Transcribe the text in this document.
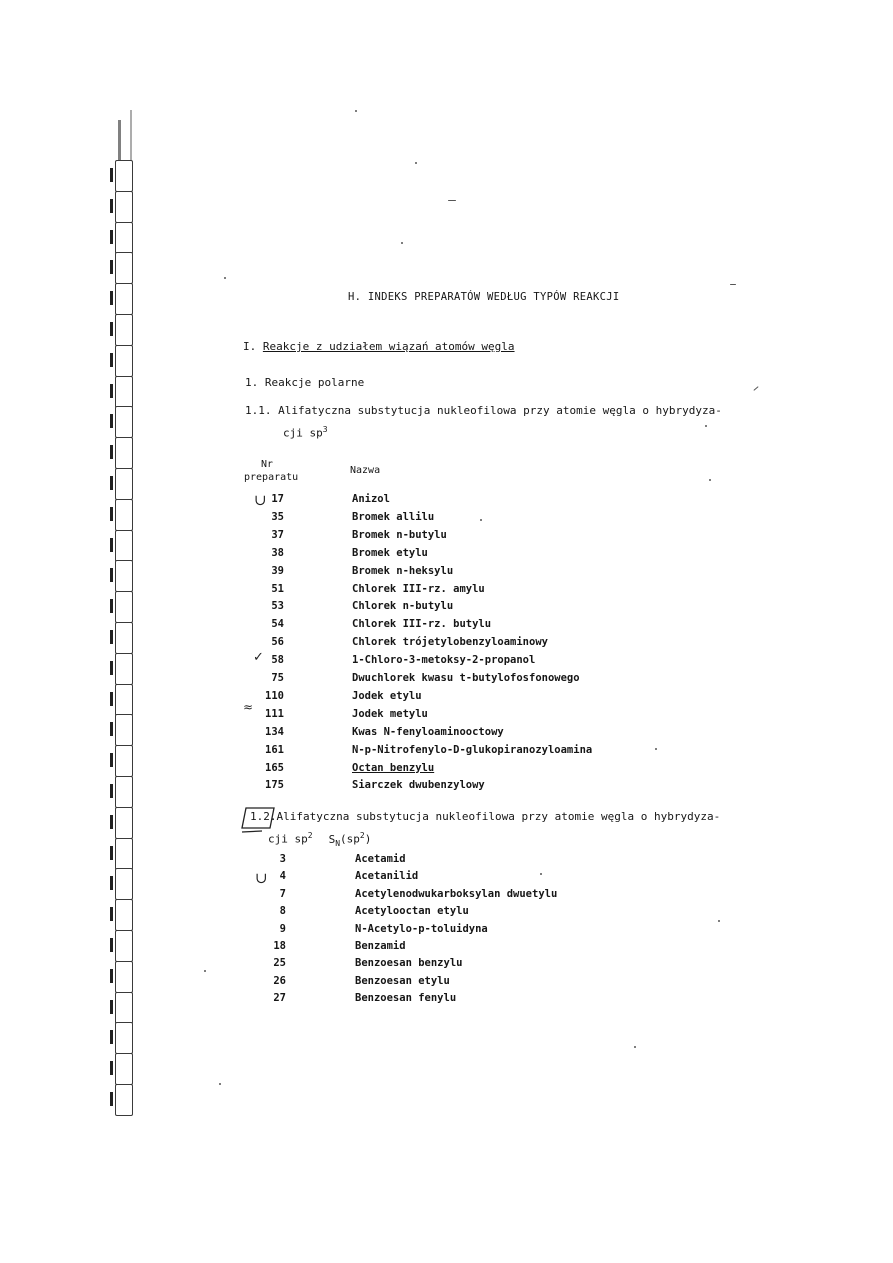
H. INDEKS PREPARATÓW WEDŁUG TYPÓW REAKCJI
I. Reakcje z udziałem wiązań atomów węgla
1. Reakcje polarne
1.1. Alifatyczna substytucja nukleofilowa przy atomie węgla o hybrydyza-
cji $sp^3$
Nr
preparatu
Nazwa
17	Anizol
35	Bromek allilu
37	Bromek n-butylu
38	Bromek etylu
39	Bromek n-heksylu
51	Chlorek III-rz. amylu
53	Chlorek n-butylu
54	Chlorek III-rz. butylu
56	Chlorek trójetylobenzyloaminowy
58	1-Chloro-3-metoksy-2-propanol
75	Dwuchlorek kwasu t-butylofosfonowego
110	Jodek etylu
111	Jodek metylu
134	Kwas N-fenyloaminooctowy
161	N-p-Nitrofenylo-D-glukopiranozyloamina
165	Octan benzylu
175	Siarczek dwubenzylowy
1.2.Alifatyczna substytucja nukleofilowa przy atomie węgla o hybrydyza-
cji $sp^2$ $S_N(sp^2)$
3	Acetamid
4	Acetanilid
7	Acetylenodwukarboksylan dwuetylu
8	Acetylooctan etylu
9	N-Acetylo-p-toluidyna
18	Benzamid
25	Benzoesan benzylu
26	Benzoesan etylu
27	Benzoesan fenylu
∪
✓
≈
∪
